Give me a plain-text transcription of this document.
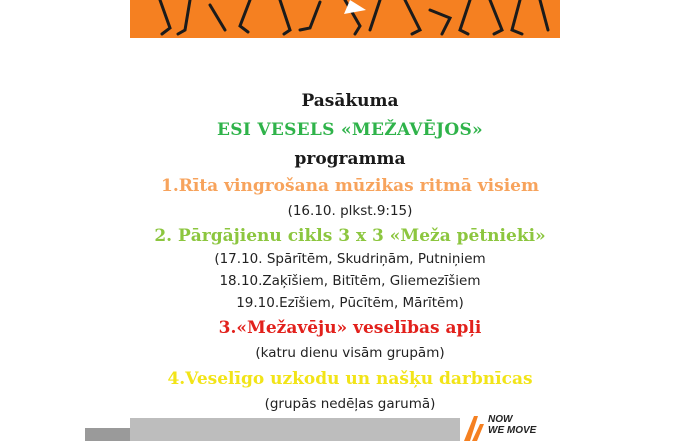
Pasākuma
ESI VESELS «MEŽAVĒJOS»
programma
1.Rīta vingrošana mūzikas ritmā visiem
(16.10. plkst.9:15)
2. Pārgājienu cikls 3 x 3 «Meža pētnieki»
(17.10. Spārītēm, Skudriņām, Putniņiem
18.10.Zaķīšiem, Bitītēm, Gliemezīšiem
19.10.Ezīšiem, Pūcītēm, Mārītēm)
3.«Mežavēju» veselības apļi
(katru dienu visām grupām)
4.Veselīgo uzkodu un našķu darbnīcas
(grupās nedēļas garumā)
NOW
WE MOVE
